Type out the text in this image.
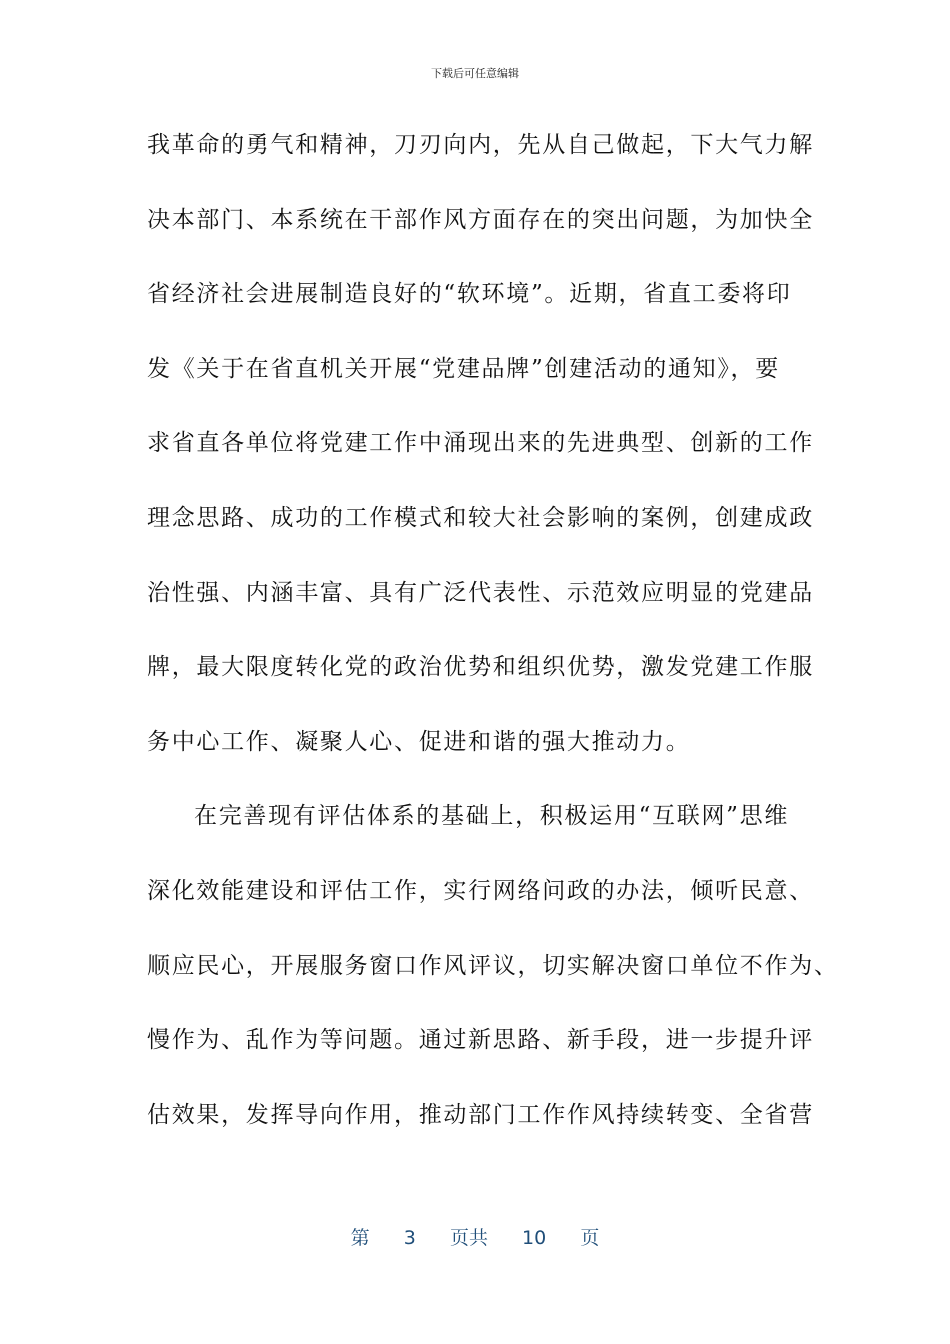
下载后可任意编辑
我革命的勇气和精神，刀刃向内，先从自己做起，下大气力解
决本部门、本系统在干部作风方面存在的突出问题，为加快全
省经济社会进展制造良好的“软环境”。近期，省直工委将印
发《关于在省直机关开展“党建品牌”创建活动的通知》，要
求省直各单位将党建工作中涌现出来的先进典型、创新的工作
理念思路、成功的工作模式和较大社会影响的案例，创建成政
治性强、内涵丰富、具有广泛代表性、示范效应明显的党建品
牌，最大限度转化党的政治优势和组织优势，激发党建工作服
务中心工作、凝聚人心、促进和谐的强大推动力。
在完善现有评估体系的基础上，积极运用“互联网”思维
深化效能建设和评估工作，实行网络问政的办法，倾听民意、
顺应民心，开展服务窗口作风评议，切实解决窗口单位不作为、
慢作为、乱作为等问题。通过新思路、新手段，进一步提升评
估效果，发挥导向作用，推动部门工作作风持续转变、全省营
第 3 页共 10 页
